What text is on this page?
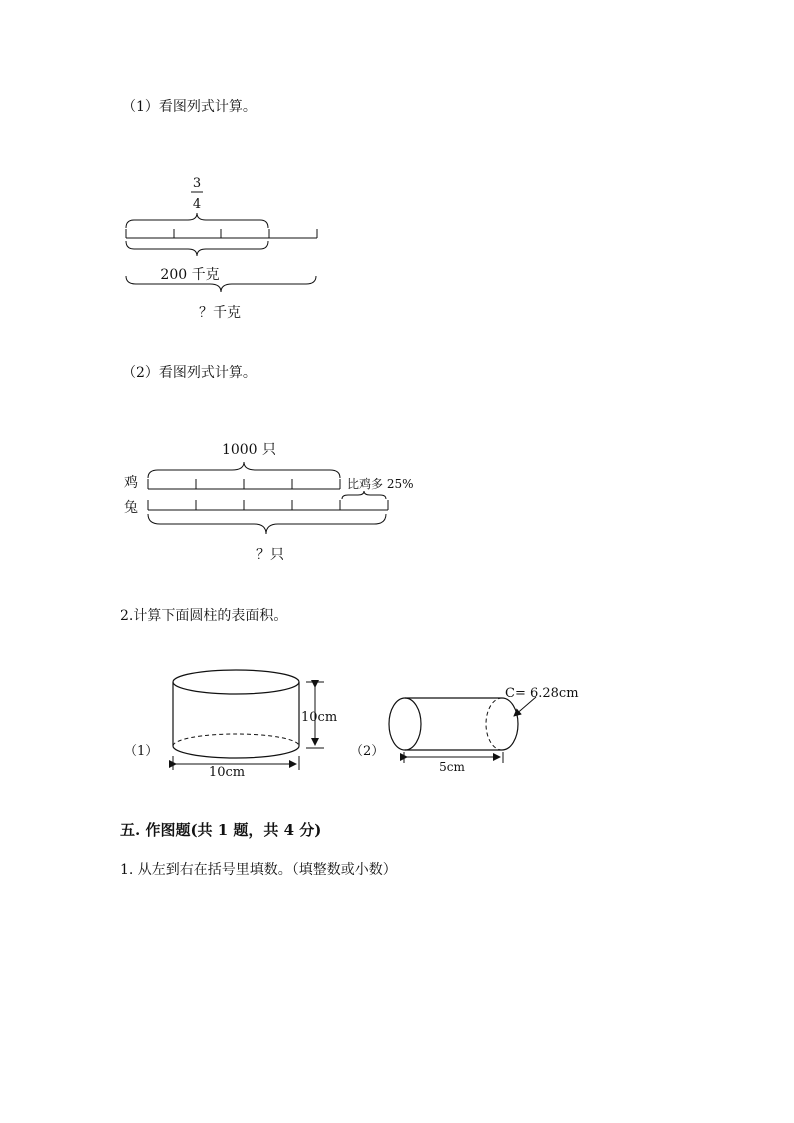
（1）看图列式计算。
3
4
200 千克
？千克
（2）看图列式计算。
1000 只
鸡
兔
比鸡多 25%
？只
2.计算下面圆柱的表面积。
（1）
10cm
10cm
（2）
C= 6.28cm
5cm
五. 作图题(共 1 题，共 4 分)
1. 从左到右在括号里填数。（填整数或小数）
